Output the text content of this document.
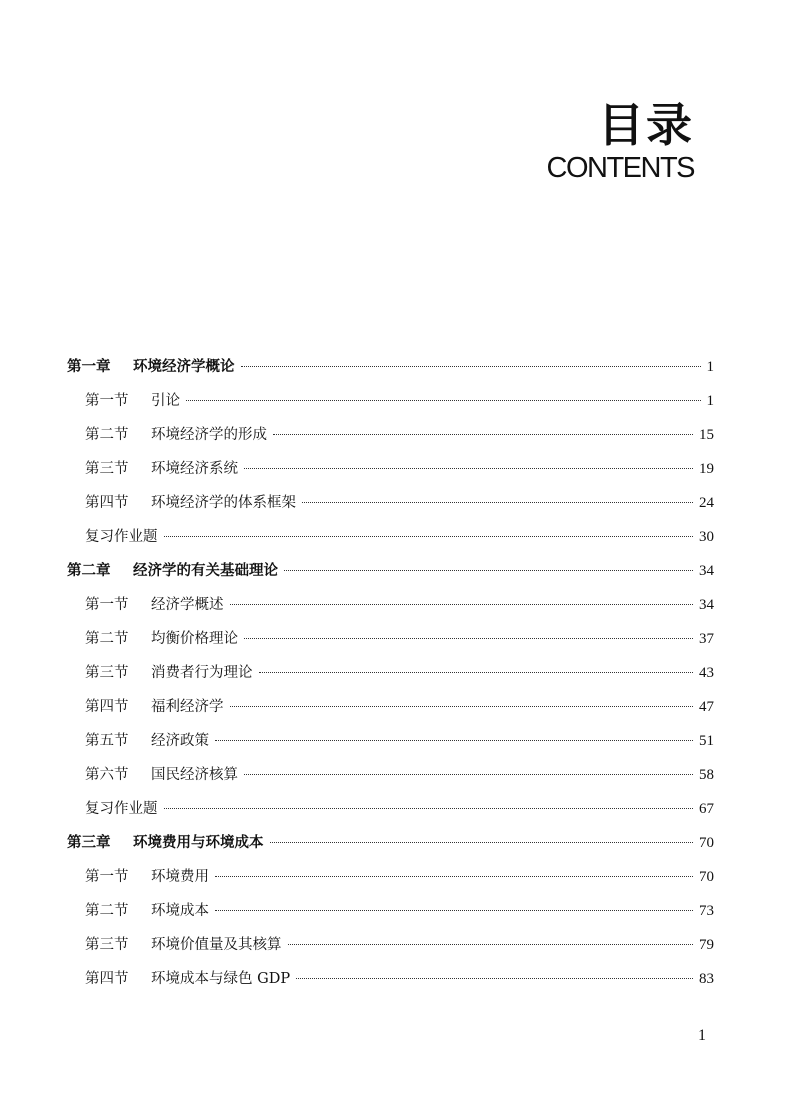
目录
CONTENTS
第一章	环境经济学概论	1
第一节	引论	1
第二节	环境经济学的形成	15
第三节	环境经济系统	19
第四节	环境经济学的体系框架	24
复习作业题	30
第二章	经济学的有关基础理论	34
第一节	经济学概述	34
第二节	均衡价格理论	37
第三节	消费者行为理论	43
第四节	福利经济学	47
第五节	经济政策	51
第六节	国民经济核算	58
复习作业题	67
第三章	环境费用与环境成本	70
第一节	环境费用	70
第二节	环境成本	73
第三节	环境价值量及其核算	79
第四节	环境成本与绿色 GDP	83
1
